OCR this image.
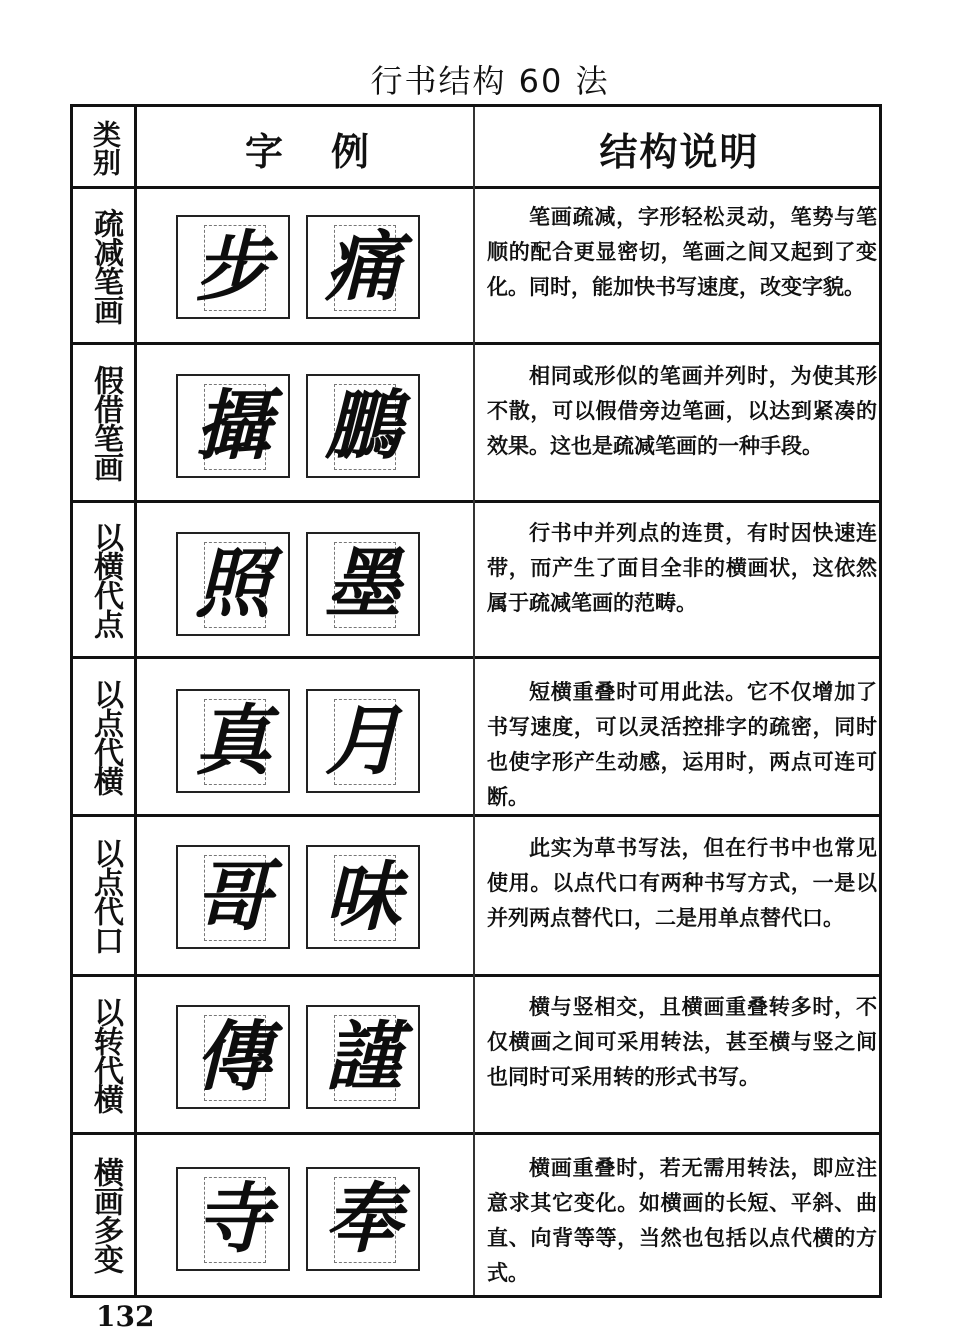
行书结构 60 法
类别	字例	结构说明
疏减笔画 步 痛
笔画疏减，字形轻松灵动，笔势与笔顺的配合更显密切，笔画之间又起到了变化。同时，能加快书写速度，改变字貌。
假借笔画 攝 鵬
相同或形似的笔画并列时，为使其形不散，可以假借旁边笔画，以达到紧凑的效果。这也是疏减笔画的一种手段。
以横代点 照 墨
行书中并列点的连贯，有时因快速连带，而产生了面目全非的横画状，这依然属于疏减笔画的范畴。
以点代横 真 月
短横重叠时可用此法。它不仅增加了书写速度，可以灵活控排字的疏密，同时也使字形产生动感，运用时，两点可连可断。
以点代口 哥 味
此实为草书写法，但在行书中也常见使用。以点代口有两种书写方式，一是以并列两点替代口，二是用单点替代口。
以转代横 傳 謹
横与竖相交，且横画重叠转多时，不仅横画之间可采用转法，甚至横与竖之间也同时可采用转的形式书写。
横画多变 寺 奉
横画重叠时，若无需用转法，即应注意求其它变化。如横画的长短、平斜、曲直、向背等等，当然也包括以点代横的方式。
132
